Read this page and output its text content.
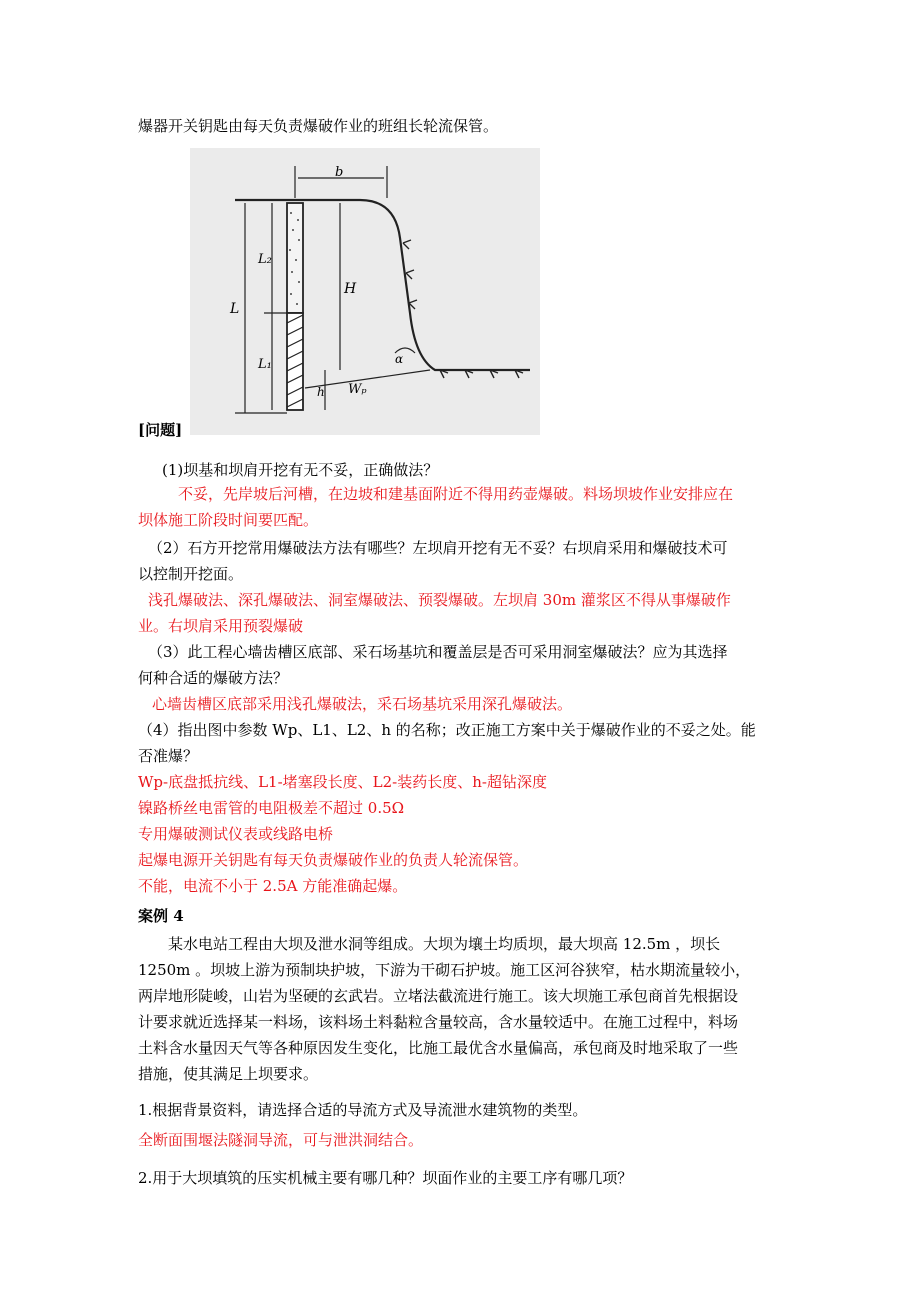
爆器开关钥匙由每天负责爆破作业的班组长轮流保管。
b
L
L₂
L₁
H
α
h Wₚ
[问题]
(1)坝基和坝肩开挖有无不妥，正确做法？
不妥，先岸坡后河槽，在边坡和建基面附近不得用药壶爆破。料场坝坡作业安排应在
坝体施工阶段时间要匹配。
（2）石方开挖常用爆破法方法有哪些？左坝肩开挖有无不妥？右坝肩采用和爆破技术可
以控制开挖面。
浅孔爆破法、深孔爆破法、洞室爆破法、预裂爆破。左坝肩 30m 灌浆区不得从事爆破作
业。右坝肩采用预裂爆破
（3）此工程心墙齿槽区底部、采石场基坑和覆盖层是否可采用洞室爆破法？应为其选择
何种合适的爆破方法？
心墙齿槽区底部采用浅孔爆破法，采石场基坑采用深孔爆破法。
（4）指出图中参数 Wp、L1、L2、h 的名称；改正施工方案中关于爆破作业的不妥之处。能
否准爆？
Wp-底盘抵抗线、L1-堵塞段长度、L2-装药长度、h-超钻深度
镍路桥丝电雷管的电阻极差不超过 0.5Ω
专用爆破测试仪表或线路电桥
起爆电源开关钥匙有每天负责爆破作业的负责人轮流保管。
不能，电流不小于 2.5A 方能准确起爆。
案例 4
某水电站工程由大坝及泄水洞等组成。大坝为壤土均质坝，最大坝高 12.5m ，坝长
1250m 。坝坡上游为预制块护坡，下游为干砌石护坡。施工区河谷狭窄，枯水期流量较小，
两岸地形陡峻，山岩为坚硬的玄武岩。立堵法截流进行施工。该大坝施工承包商首先根据设
计要求就近选择某一料场，该料场土料黏粒含量较高，含水量较适中。在施工过程中，料场
土料含水量因天气等各种原因发生变化，比施工最优含水量偏高，承包商及时地采取了一些
措施，使其满足上坝要求。
1.根据背景资料，请选择合适的导流方式及导流泄水建筑物的类型。
全断面围堰法隧洞导流，可与泄洪洞结合。
2.用于大坝填筑的压实机械主要有哪几种？坝面作业的主要工序有哪几项？
